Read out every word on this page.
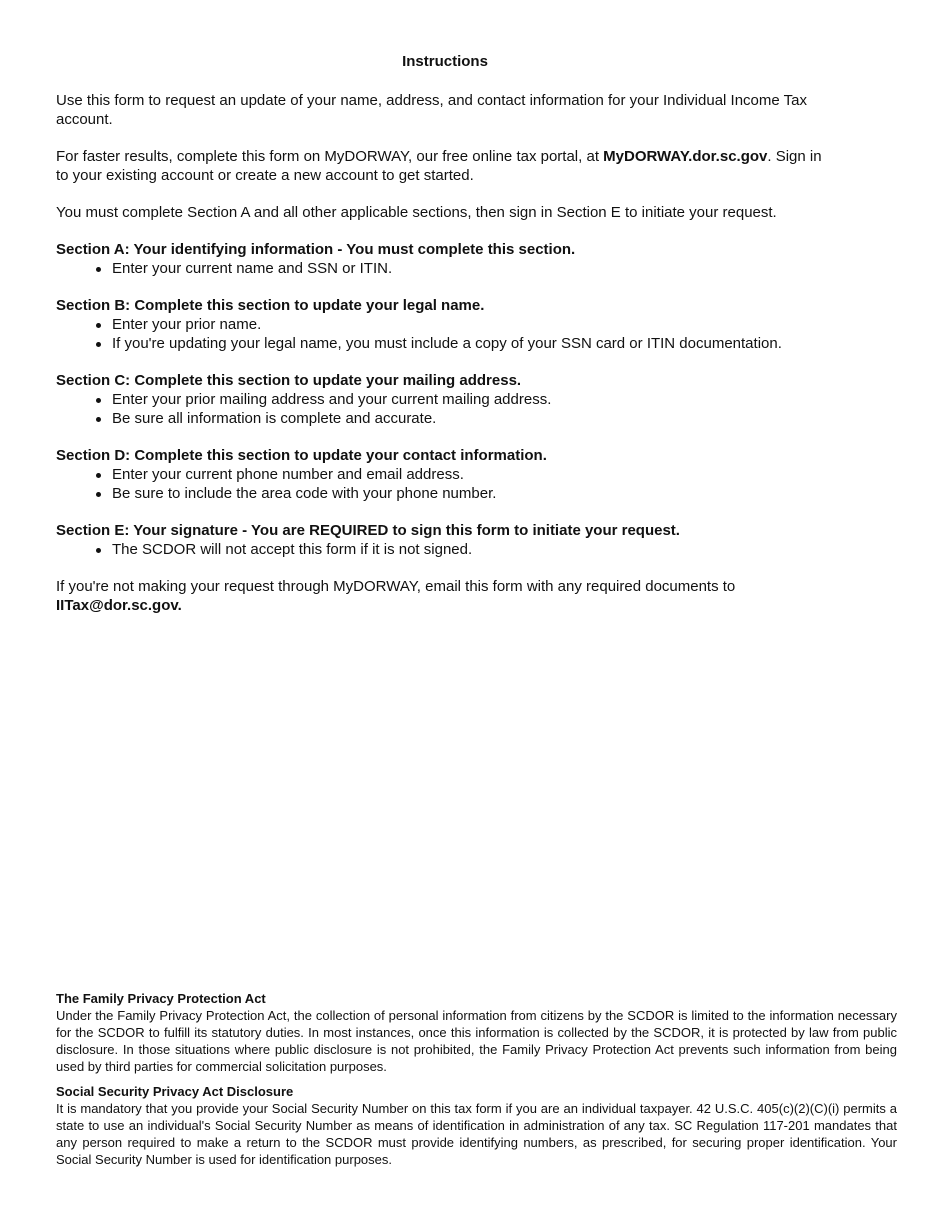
Instructions

Use this form to request an update of your name, address, and contact information for your Individual Income Tax account.

For faster results, complete this form on MyDORWAY, our free online tax portal, at MyDORWAY.dor.sc.gov. Sign in to your existing account or create a new account to get started.

You must complete Section A and all other applicable sections, then sign in Section E to initiate your request.

Section A: Your identifying information - You must complete this section.
Enter your current name and SSN or ITIN.
Section B: Complete this section to update your legal name.
Enter your prior name.
If you're updating your legal name, you must include a copy of your SSN card or ITIN documentation.
Section C: Complete this section to update your mailing address.
Enter your prior mailing address and your current mailing address.
Be sure all information is complete and accurate.
Section D: Complete this section to update your contact information.
Enter your current phone number and email address.
Be sure to include the area code with your phone number.
Section E: Your signature - You are REQUIRED to sign this form to initiate your request.
The SCDOR will not accept this form if it is not signed.

If you're not making your request through MyDORWAY, email this form with any required documents to
IITax@dor.sc.gov.

The Family Privacy Protection Act
Under the Family Privacy Protection Act, the collection of personal information from citizens by the SCDOR is limited to the information necessary for the SCDOR to fulfill its statutory duties. In most instances, once this information is collected by the SCDOR, it is protected by law from public disclosure. In those situations where public disclosure is not prohibited, the Family Privacy Protection Act prevents such information from being used by third parties for commercial solicitation purposes.
Social Security Privacy Act Disclosure
It is mandatory that you provide your Social Security Number on this tax form if you are an individual taxpayer. 42 U.S.C. 405(c)(2)(C)(i) permits a state to use an individual's Social Security Number as means of identification in administration of any tax. SC Regulation 117-201 mandates that any person required to make a return to the SCDOR must provide identifying numbers, as prescribed, for securing proper identification. Your Social Security Number is used for identification purposes.
